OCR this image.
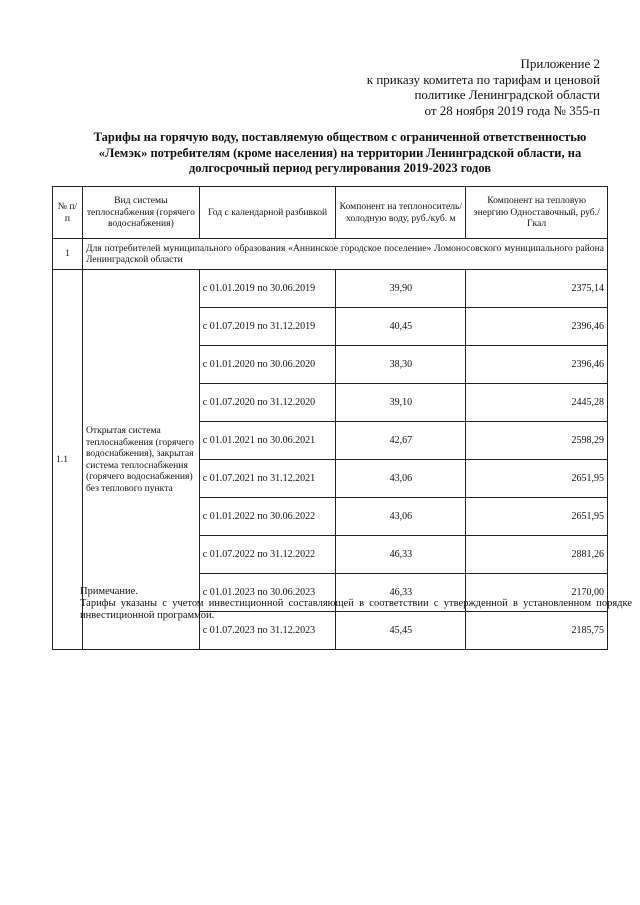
Приложение 2
к приказу комитета по тарифам и ценовой
политике Ленинградской области
от 28 ноября 2019 года № 355-п
Тарифы на горячую воду, поставляемую обществом с ограниченной ответственностью
«Лемэк» потребителям (кроме населения) на территории Ленинградской области, на
долгосрочный период регулирования 2019-2023 годов
№ п/п	Вид системы теплоснабжения (горячего водоснабжения)	Год с календарной разбивкой	Компонент на теплоноситель/холодную воду, руб./куб. м	Компонент на тепловую энергию Одноставочный, руб./Гкал
1	Для потребителей муниципального образования «Аннинское городское поселение» Ломоносовского муниципального района Ленинградской области			
1.1	Открытая система теплоснабжения (горячего водоснабжения), закрытая система теплоснабжения (горячего водоснабжения) без теплового пункта	с 01.01.2019 по 30.06.2019	39,90	2375,14
		с 01.07.2019 по 31.12.2019	40,45	2396,46
		с 01.01.2020 по 30.06.2020	38,30	2396,46
		с 01.07.2020 по 31.12.2020	39,10	2445,28
		с 01.01.2021 по 30.06.2021	42,67	2598,29
		с 01.07.2021 по 31.12.2021	43,06	2651,95
		с 01.01.2022 по 30.06.2022	43,06	2651,95
		с 01.07.2022 по 31.12.2022	46,33	2881,26
		с 01.01.2023 по 30.06.2023	46,33	2170,00
		с 01.07.2023 по 31.12.2023	45,45	2185,75
Примечание.
Тарифы указаны с учетом инвестиционной составляющей в соответствии с утвержденной в установленном порядке инвестиционной программой.
